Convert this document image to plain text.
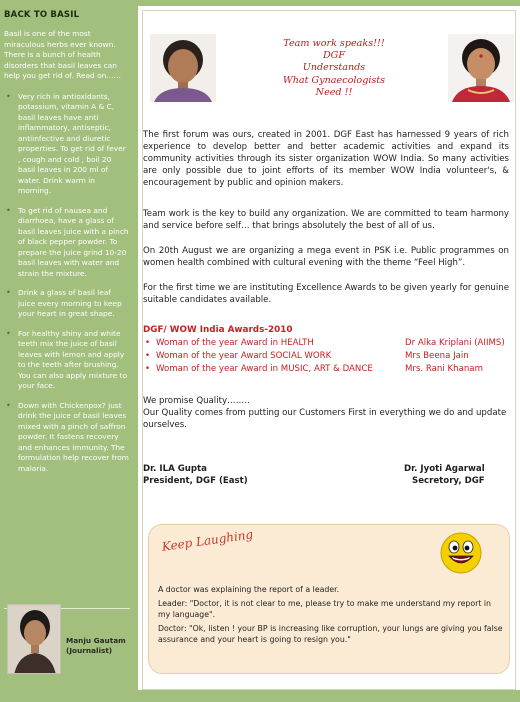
BACK TO BASIL
Basil is one of the most miraculous herbs ever known. There is a bunch of health disorders that basil leaves can help you get rid of. Read on……
• Very rich in antioxidants, potassium, vitamin A & C, basil leaves have anti inflammatory, antiseptic, antiinfective and diuretic properties. To get rid of fever , cough and cold , boil 20 basil leaves in 200 ml of water. Drink warm in morning.
• To get rid of nausea and diarrhoea, have a glass of basil leaves juice with a pinch of black pepper powder. To prepare the juice grind 10-20 basil leaves with water and strain the mixture.
• Drink a glass of basil leaf juice every morning to keep your heart in great shape.
• For healthy shiny and white teeth mix the juice of basil leaves with lemon and apply to the teeth after brushing. You can also apply mixture to your face.
• Down with Chickenpox? just drink the juice of basil leaves mixed with a pinch of saffron powder. It fastens recovery and enhances immunity. The formulation help recover from malaria.
Manju Gautam
(Journalist)
Team work speaks!!!
DGF
Understands
What Gynaecologists
Need !!
The first forum was ours, created in 2001. DGF East has harnessed 9 years of rich experience to develop better and better academic activities and expand its community activities through its sister organization WOW India. So many activities are only possible due to joint efforts of its member WOW India volunteer's, & encouragement by public and opinion makers.
Team work is the key to build any organization. We are committed to team harmony and service before self… that brings absolutely the best of all of us.
On 20th August we are organizing a mega event in PSK i.e. Public programmes on women health combined with cultural evening with the theme “Feel High”.
For the first time we are instituting Excellence Awards to be given yearly for genuine suitable candidates available.
DGF/ WOW India Awards-2010
• Woman of the year Award in HEALTH	Dr Alka Kriplani (AIIMS)
• Woman of the year Award SOCIAL WORK	Mrs Beena Jain
• Woman of the year Award in MUSIC, ART & DANCE	Mrs. Rani Khanam
We promise Quality……..
Our Quality comes from putting our Customers First in everything we do and update ourselves.
Dr. ILA Gupta
President, DGF (East)
Dr. Jyoti Agarwal
Secretory, DGF
Keep Laughing
A doctor was explaining the report of a leader.
Leader: "Doctor, it is not clear to me, please try to make me understand my report in my language".
Doctor: "Ok, listen ! your BP is increasing like corruption, your lungs are giving you false assurance and your heart is going to resign you."
